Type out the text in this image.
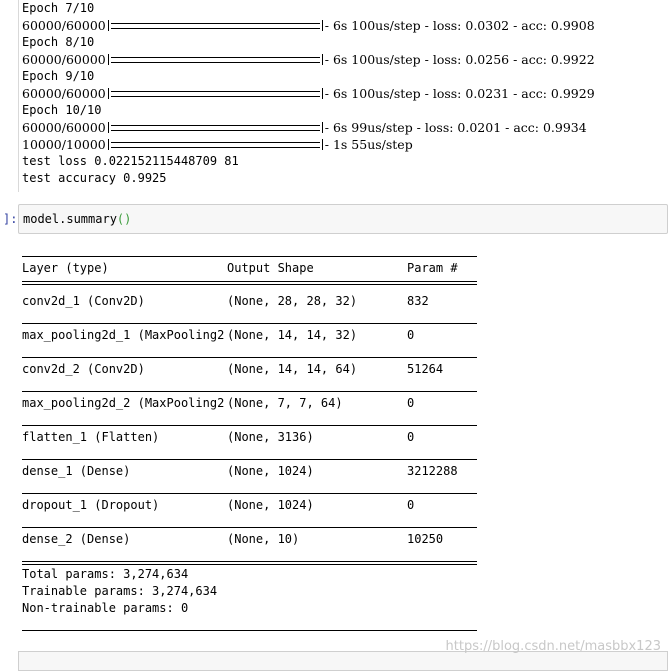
Epoch 7/10
60000/60000	- 6s 100us/step - loss: 0.0302 - acc: 0.9908
Epoch 8/10
60000/60000	- 6s 100us/step - loss: 0.0256 - acc: 0.9922
Epoch 9/10
60000/60000	- 6s 100us/step - loss: 0.0231 - acc: 0.9929
Epoch 10/10
60000/60000	- 6s 99us/step - loss: 0.0201 - acc: 0.9934
10000/10000	- 1s 55us/step
test loss 0.022152115448709 81
test accuracy 0.9925
]: model.summary()
Layer (type)	Output Shape	Param #
conv2d_1 (Conv2D)	(None, 28, 28, 32)	832
max_pooling2d_1 (MaxPooling2 (None, 14, 14, 32)	0
conv2d_2 (Conv2D)	(None, 14, 14, 64)	51264
max_pooling2d_2 (MaxPooling2 (None, 7, 7, 64)	0
flatten_1 (Flatten)	(None, 3136)	0
dense_1 (Dense)	(None, 1024)	3212288
dropout_1 (Dropout)	(None, 1024)	0
dense_2 (Dense)	(None, 10)	10250
Total params: 3,274,634
Trainable params: 3,274,634
Non-trainable params: 0
https://blog.csdn.net/masbbx123
